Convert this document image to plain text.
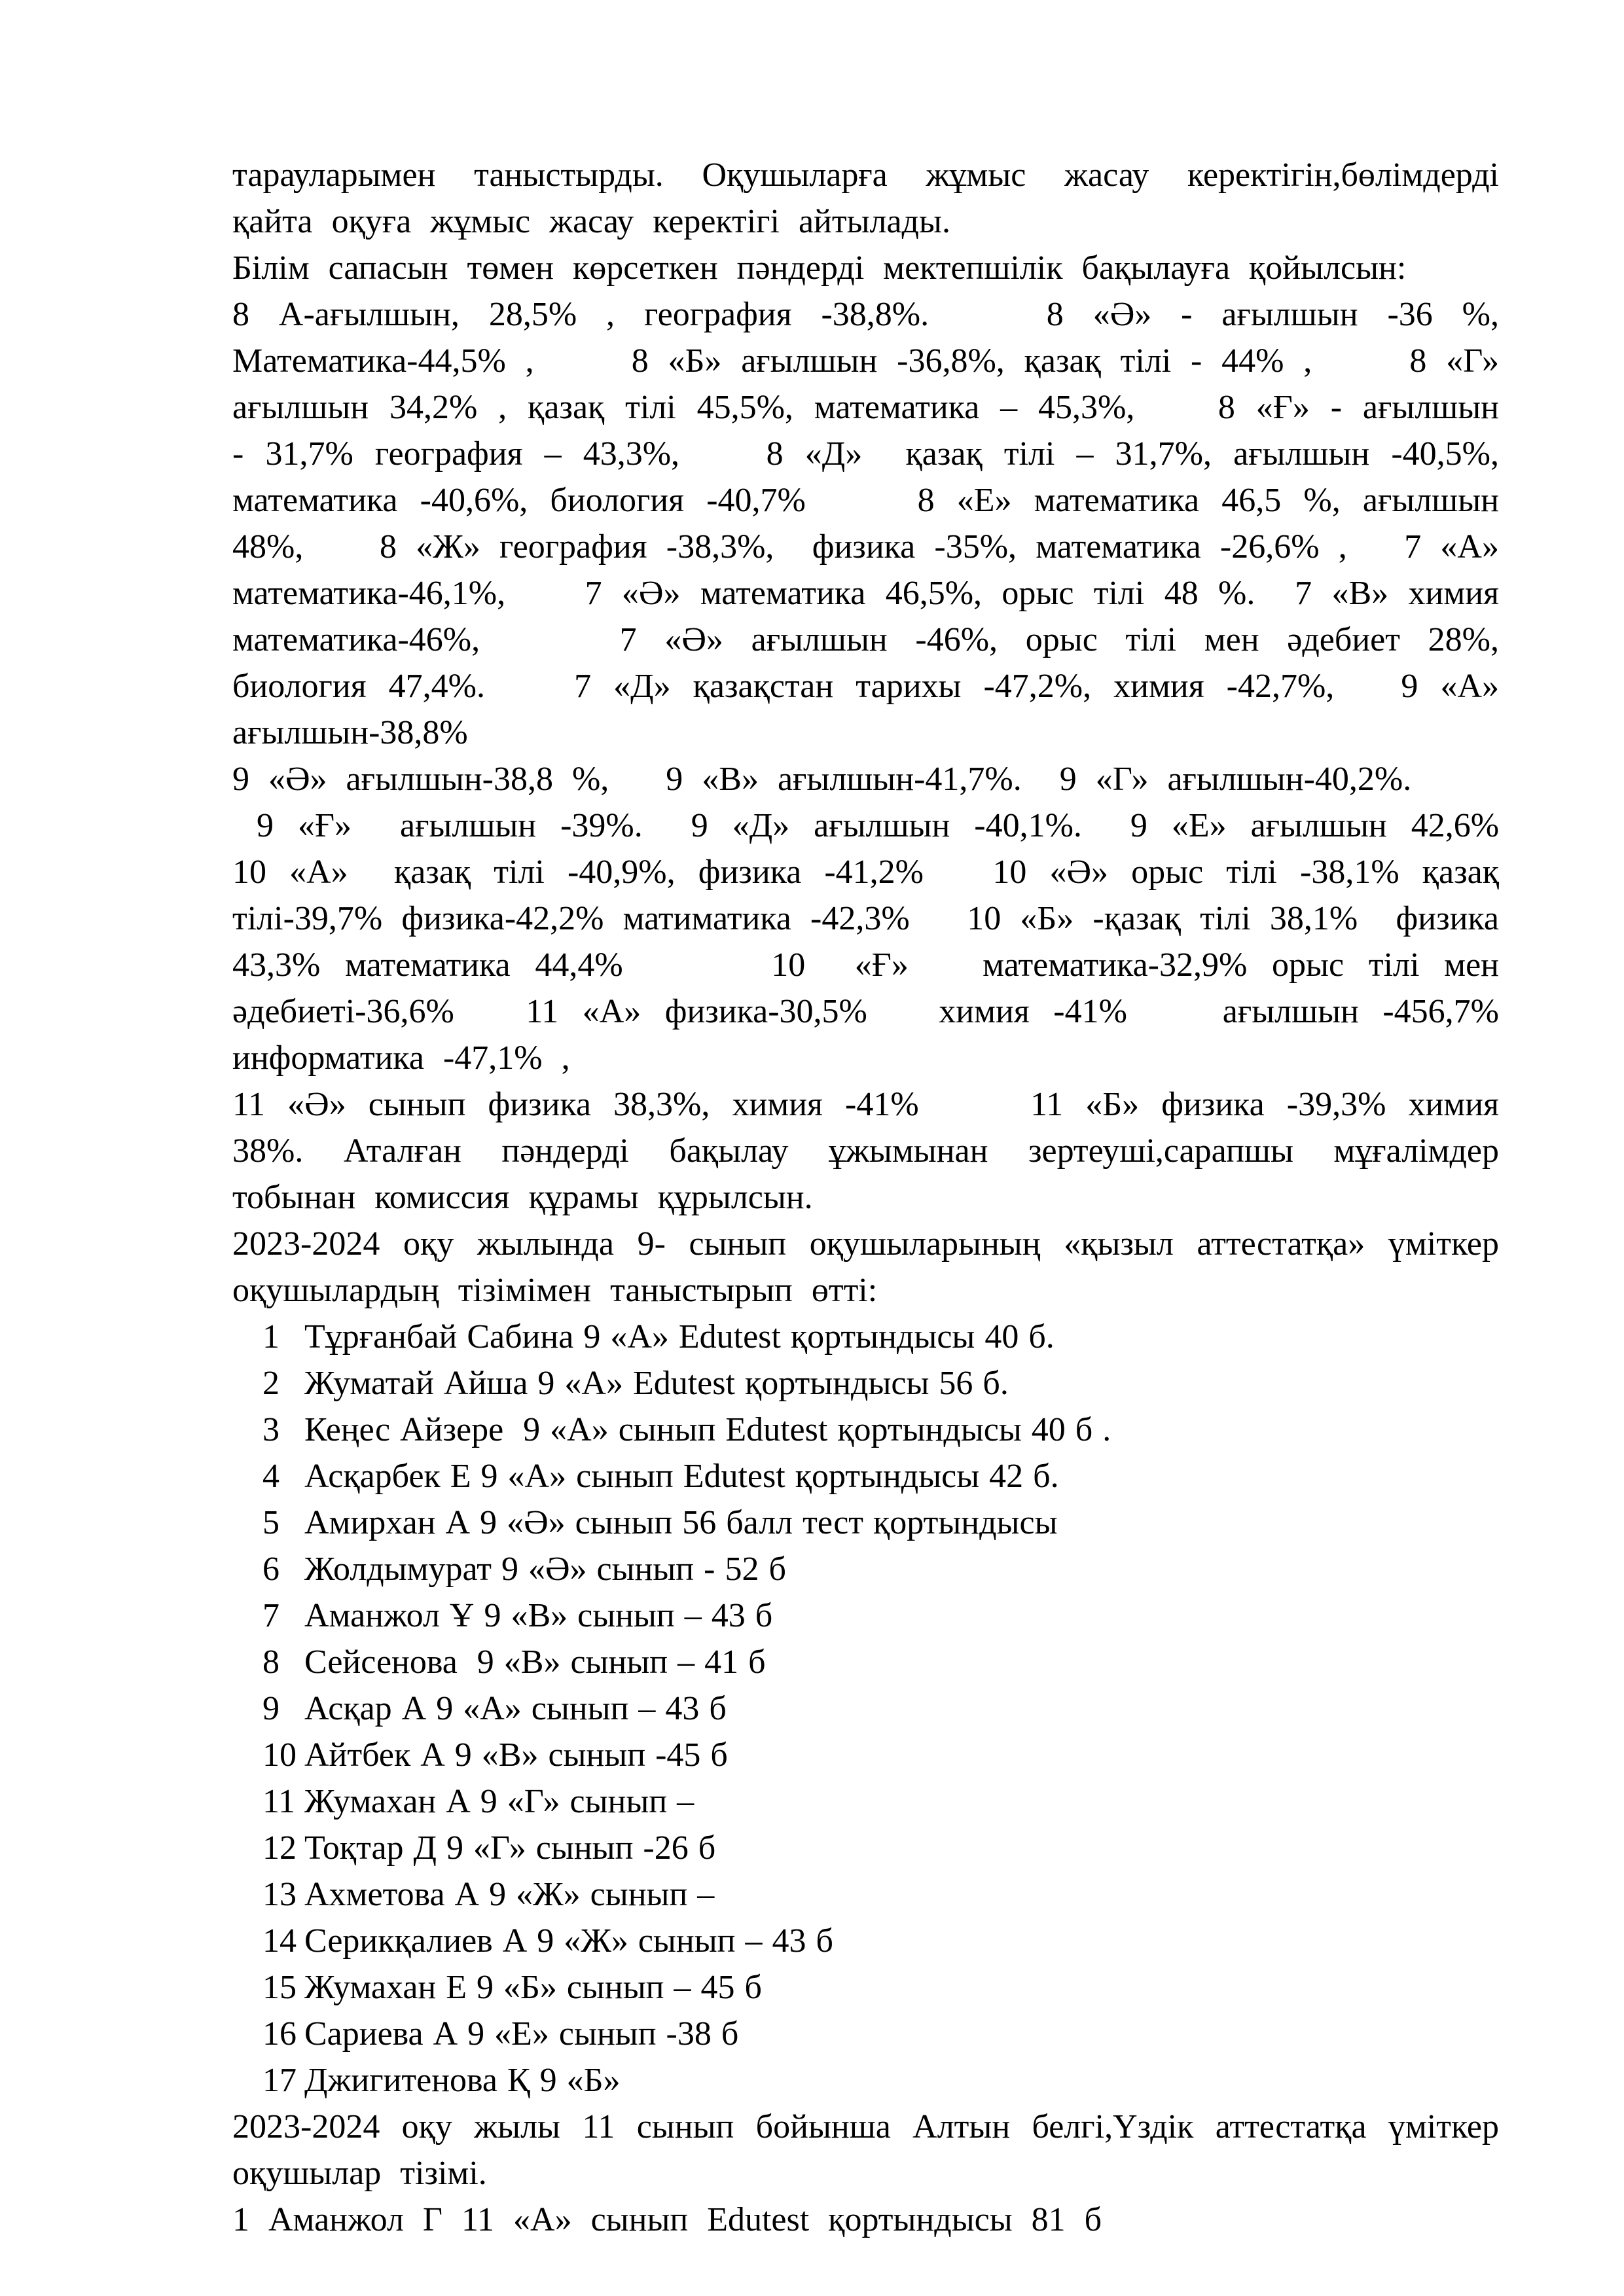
тарауларымен таныстырды. Оқушыларға жұмыс жасау керектігін,бөлімдерді қайта оқуға жұмыс жасау керектігі айтылады.

Білім сапасын төмен көрсеткен пәндерді мектепшілік бақылауға қойылсын:

8 А-ағылшын, 28,5% , география -38,8%.    8 «Ә» - ағылшын -36 %, Математика-44,5% ,     8 «Б» ағылшын -36,8%, қазақ тілі - 44% ,     8 «Г» ағылшын 34,2% , қазақ тілі 45,5%, математика – 45,3%,    8 «Ғ» - ағылшын - 31,7% география – 43,3%,    8 «Д»  қазақ тілі – 31,7%, ағылшын -40,5%, математика -40,6%, биология -40,7%     8 «Е» математика 46,5 %, ағылшын 48%,    8 «Ж» география -38,3%,  физика -35%, математика -26,6% ,   7 «А» математика-46,1%,    7 «Ә» математика 46,5%, орыс тілі 48 %.  7 «В» химия математика-46%,     7 «Ә» ағылшын -46%, орыс тілі мен әдебиет 28%, биология 47,4%.    7 «Д» қазақстан тарихы -47,2%, химия -42,7%,   9 «А» ағылшын-38,8%

9 «Ә» ағылшын-38,8 %,   9 «В» ағылшын-41,7%.  9 «Г» ағылшын-40,2%.

9 «Ғ»  ағылшын -39%.  9 «Д» ағылшын -40,1%.  9 «Е» ағылшын 42,6%   10 «А»  қазақ тілі -40,9%, физика -41,2%   10 «Ә» орыс тілі -38,1% қазақ тілі-39,7% физика-42,2% матиматика -42,3%   10 «Б» -қазақ тілі 38,1%  физика 43,3% математика 44,4%      10  «Ғ»   математика-32,9% орыс тілі мен әдебиеті-36,6%   11 «А» физика-30,5%   химия -41%    ағылшын -456,7% информатика -47,1% ,

11 «Ә» сынып физика 38,3%, химия -41%     11 «Б» физика -39,3% химия 38%. Аталған пәндерді бақылау ұжымынан зертеуші,сарапшы мұғалімдер тобынан комиссия құрамы құрылсын.

2023-2024 оқу жылында 9- сынып оқушыларының «қызыл аттестатқа» үміткер оқушылардың тізімімен таныстырып өтті:

1 Тұрғанбай Сабина 9 «А» Edutest қортындысы 40 б.
2 Жуматай Айша 9 «А» Edutest қортындысы 56 б.
3 Кеңес Айзере  9 «А» сынып Edutest қортындысы 40 б .
4 Асқарбек Е 9 «А» сынып Edutest қортындысы 42 б.
5 Амирхан А 9 «Ә» сынып 56 балл тест қортындысы
6 Жолдымурат 9 «Ә» сынып - 52 б
7 Аманжол Ұ 9 «В» сынып – 43 б
8 Сейсенова  9 «В» сынып – 41 б
9 Асқар А 9 «А» сынып – 43 б
10 Айтбек А 9 «В» сынып -45 б
11 Жумахан А 9 «Г» сынып –
12 Тоқтар Д 9 «Г» сынып -26 б
13 Ахметова А 9 «Ж» сынып –
14 Серикқалиев А 9 «Ж» сынып – 43 б
15 Жумахан Е 9 «Б» сынып – 45 б
16 Сариева А 9 «Е» сынып -38 б
17 Джигитенова Қ 9 «Б»

2023-2024 оқу жылы 11 сынып бойынша Алтын белгі,Үздік аттестатқа үміткер оқушылар тізімі.

1 Аманжол Г 11 «А» сынып Edutest қортындысы 81 б
